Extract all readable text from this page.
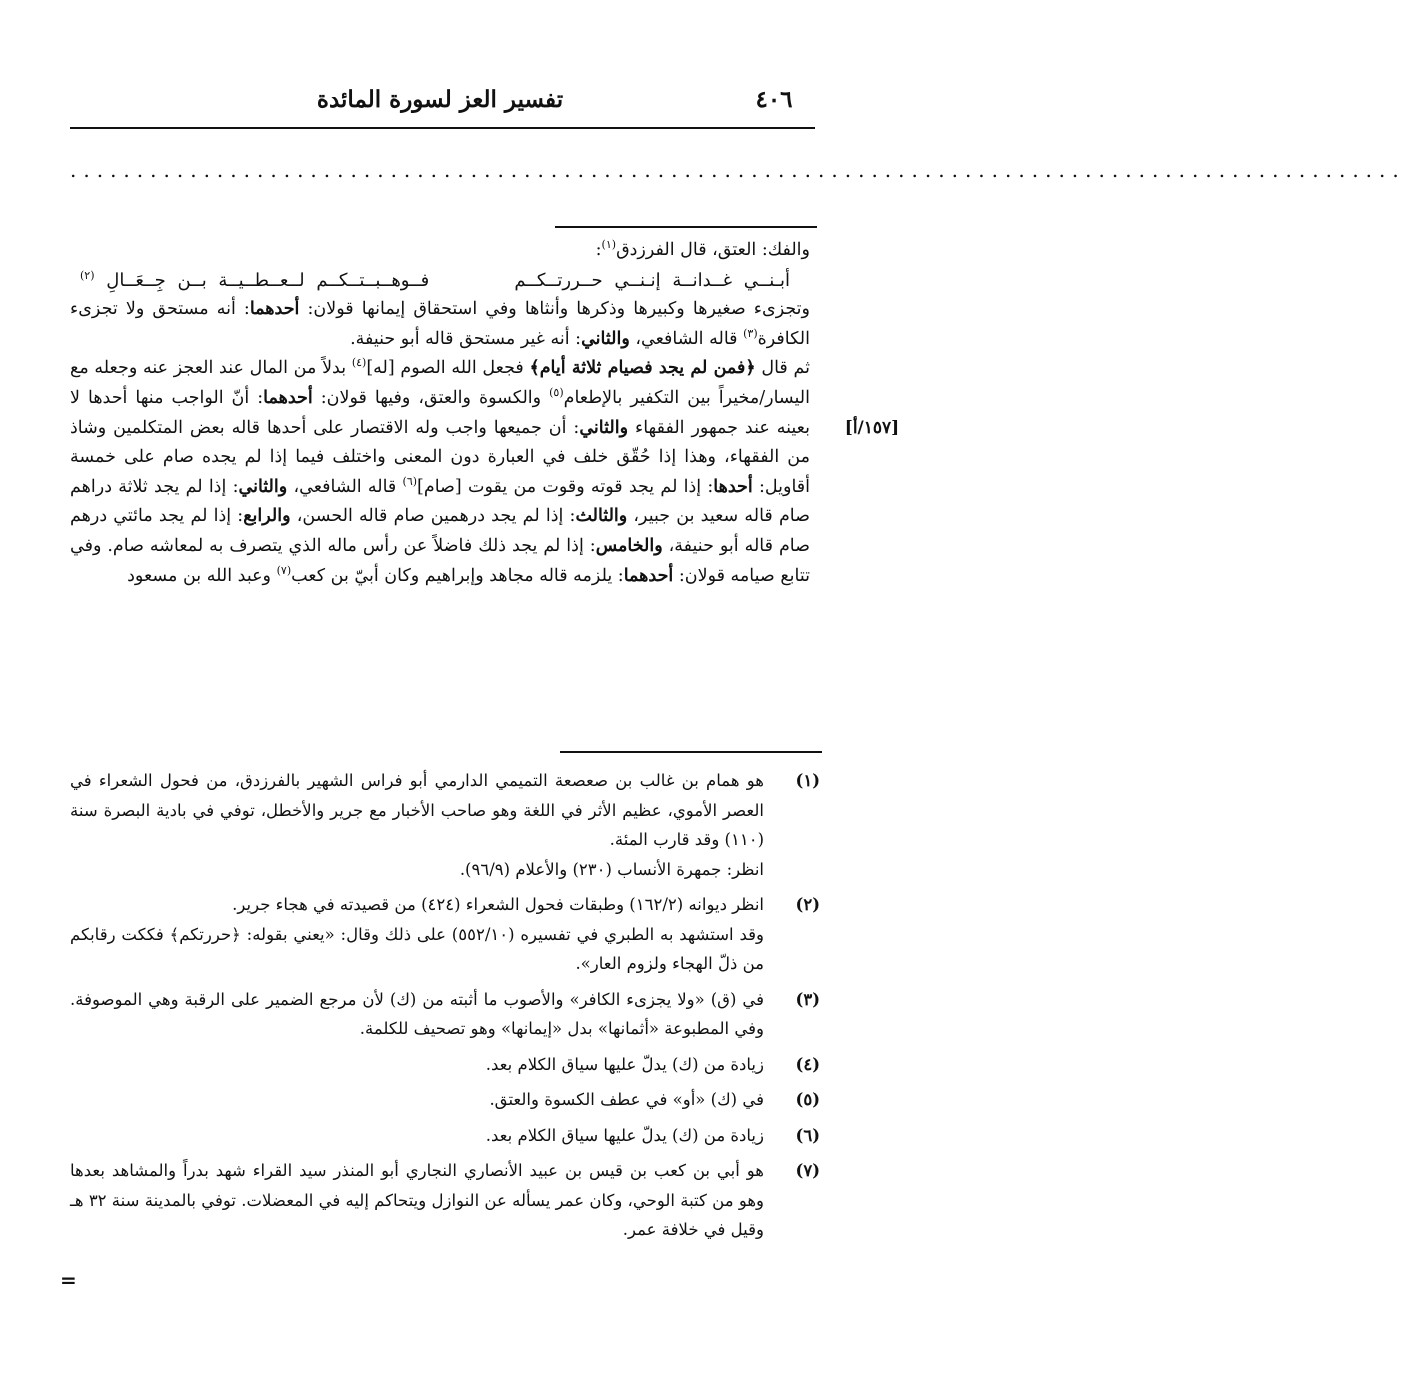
٤٠٦
تفسير العز لسورة المائدة
....................................................................................................
[١٥٧/أ]

والفك: العتق، قال الفرزدق$^{(١)}$:

أبـنــي غــدانــة إنـنــي حــررتــكــم
فــوهــبــتــكــم لــعــطــيــة بــن جِــعَــالِ $^{(٢)}$

وتجزىء صغيرها وكبيرها وذكرها وأنثاها وفي استحقاق إيمانها قولان: أحدهما: أنه مستحق ولا تجزىء الكافرة$^{(٣)}$ قاله الشافعي، والثاني: أنه غير مستحق قاله أبو حنيفة.

ثم قال ﴿فمن لم يجد فصيام ثلاثة أيام﴾ فجعل الله الصوم [له]$^{(٤)}$ بدلاً من المال عند العجز عنه وجعله مع اليسار/مخيراً بين التكفير بالإطعام$^{(٥)}$ والكسوة والعتق، وفيها قولان: أحدهما: أنّ الواجب منها أحدها لا بعينه عند جمهور الفقهاء والثاني: أن جميعها واجب وله الاقتصار على أحدها قاله بعض المتكلمين وشاذ من الفقهاء، وهذا إذا حُقّق خلف في العبارة دون المعنى واختلف فيما إذا لم يجده صام على خمسة أقاويل: أحدها: إذا لم يجد قوته وقوت من يقوت [صام]$^{(٦)}$ قاله الشافعي، والثاني: إذا لم يجد ثلاثة دراهم صام قاله سعيد بن جبير، والثالث: إذا لم يجد درهمين صام قاله الحسن، والرابع: إذا لم يجد مائتي درهم صام قاله أبو حنيفة، والخامس: إذا لم يجد ذلك فاضلاً عن رأس ماله الذي يتصرف به لمعاشه صام. وفي تتابع صيامه قولان: أحدهما: يلزمه قاله مجاهد وإبراهيم وكان أبيّ بن كعب$^{(٧)}$ وعبد الله بن مسعود

(١)

هو همام بن غالب بن صعصعة التميمي الدارمي أبو فراس الشهير بالفرزدق، من فحول الشعراء في العصر الأموي، عظيم الأثر في اللغة وهو صاحب الأخبار مع جرير والأخطل، توفي في بادية البصرة سنة (١١٠) وقد قارب المئة.

انظر: جمهرة الأنساب (٢٣٠) والأعلام (٩٦/٩).

(٢)

انظر ديوانه (١٦٢/٢) وطبقات فحول الشعراء (٤٢٤) من قصيدته في هجاء جرير.

وقد استشهد به الطبري في تفسيره (٥٥٢/١٠) على ذلك وقال: «يعني بقوله: ﴿حررتكم﴾ فككت رقابكم من ذلّ الهجاء ولزوم العار».

(٣)

في (ق) «ولا يجزىء الكافر» والأصوب ما أثبته من (ك) لأن مرجع الضمير على الرقبة وهي الموصوفة. وفي المطبوعة «أثمانها» بدل «إيمانها» وهو تصحيف للكلمة.

(٤)

زيادة من (ك) يدلّ عليها سياق الكلام بعد.

(٥)

في (ك) «أو» في عطف الكسوة والعتق.

(٦)

زيادة من (ك) يدلّ عليها سياق الكلام بعد.

(٧)

هو أبي بن كعب بن قيس بن عبيد الأنصاري النجاري أبو المنذر سيد القراء شهد بدراً والمشاهد بعدها وهو من كتبة الوحي، وكان عمر يسأله عن النوازل ويتحاكم إليه في المعضلات. توفي بالمدينة سنة ٣٢ هـ وقيل في خلافة عمر.

=
